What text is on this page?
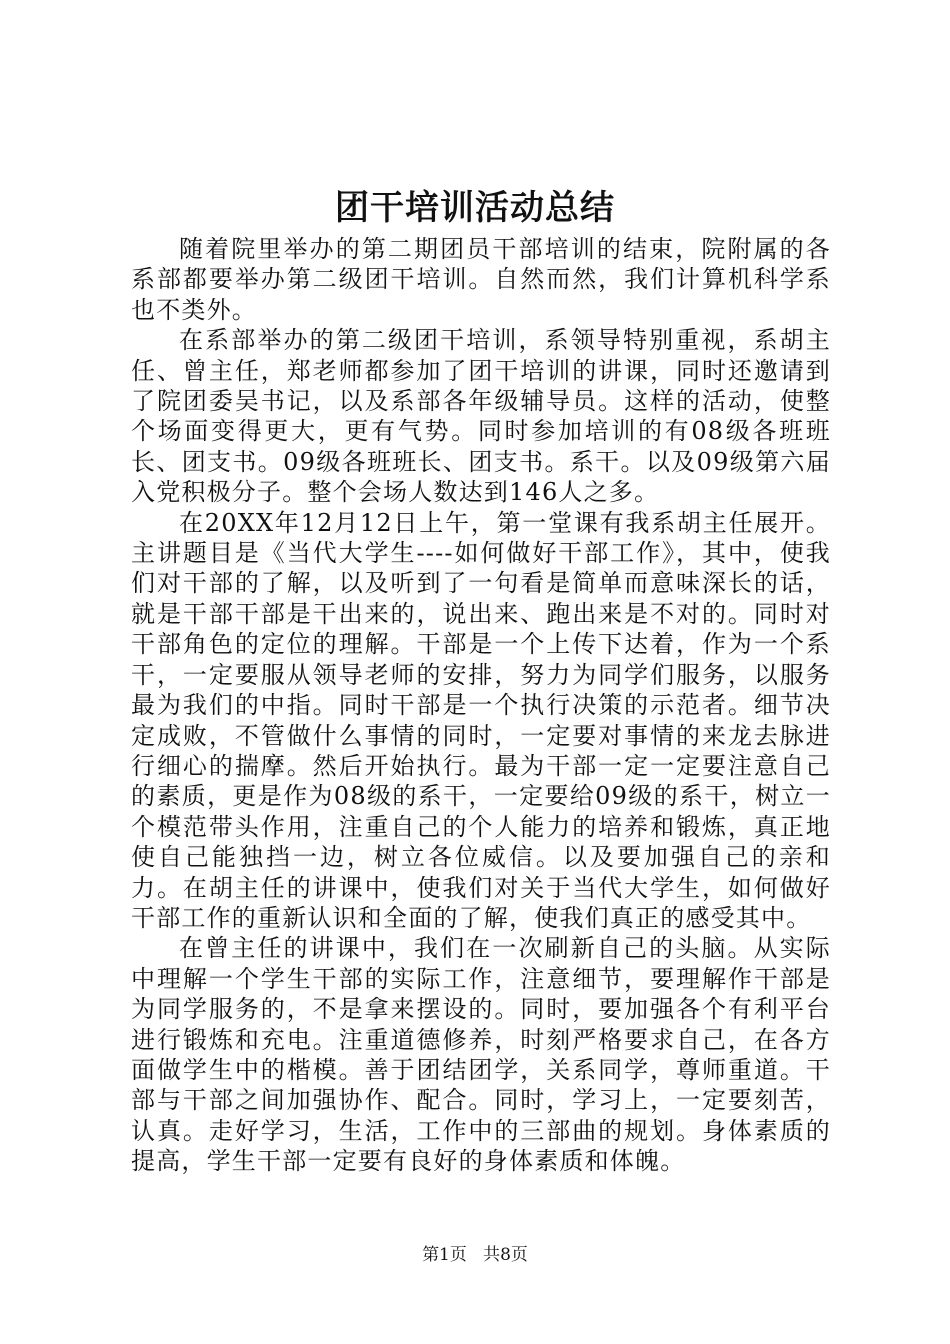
团干培训活动总结

随着院里举办的第二期团员干部培训的结束，院附属的各系部都要举办第二级团干培训。自然而然，我们计算机科学系也不类外。

在系部举办的第二级团干培训，系领导特别重视，系胡主任、曾主任，郑老师都参加了团干培训的讲课，同时还邀请到了院团委吴书记，以及系部各年级辅导员。这样的活动，使整个场面变得更大，更有气势。同时参加培训的有08级各班班长、团支书。09级各班班长、团支书。系干。以及09级第六届入党积极分子。整个会场人数达到146人之多。

在20XX年12月12日上午，第一堂课有我系胡主任展开。主讲题目是《当代大学生----如何做好干部工作》，其中，使我们对干部的了解，以及听到了一句看是简单而意味深长的话，就是干部干部是干出来的，说出来、跑出来是不对的。同时对干部角色的定位的理解。干部是一个上传下达着，作为一个系干，一定要服从领导老师的安排，努力为同学们服务，以服务最为我们的中指。同时干部是一个执行决策的示范者。细节决定成败，不管做什么事情的同时，一定要对事情的来龙去脉进行细心的揣摩。然后开始执行。最为干部一定一定要注意自己的素质，更是作为08级的系干，一定要给09级的系干，树立一个模范带头作用，注重自己的个人能力的培养和锻炼，真正地使自己能独挡一边，树立各位威信。以及要加强自己的亲和力。在胡主任的讲课中，使我们对关于当代大学生，如何做好干部工作的重新认识和全面的了解，使我们真正的感受其中。

在曾主任的讲课中，我们在一次刷新自己的头脑。从实际中理解一个学生干部的实际工作，注意细节，要理解作干部是为同学服务的，不是拿来摆设的。同时，要加强各个有利平台进行锻炼和充电。注重道德修养，时刻严格要求自己，在各方面做学生中的楷模。善于团结团学，关系同学，尊师重道。干部与干部之间加强协作、配合。同时，学习上，一定要刻苦，认真。走好学习，生活，工作中的三部曲的规划。身体素质的提高，学生干部一定要有良好的身体素质和体魄。

第1页 共8页
